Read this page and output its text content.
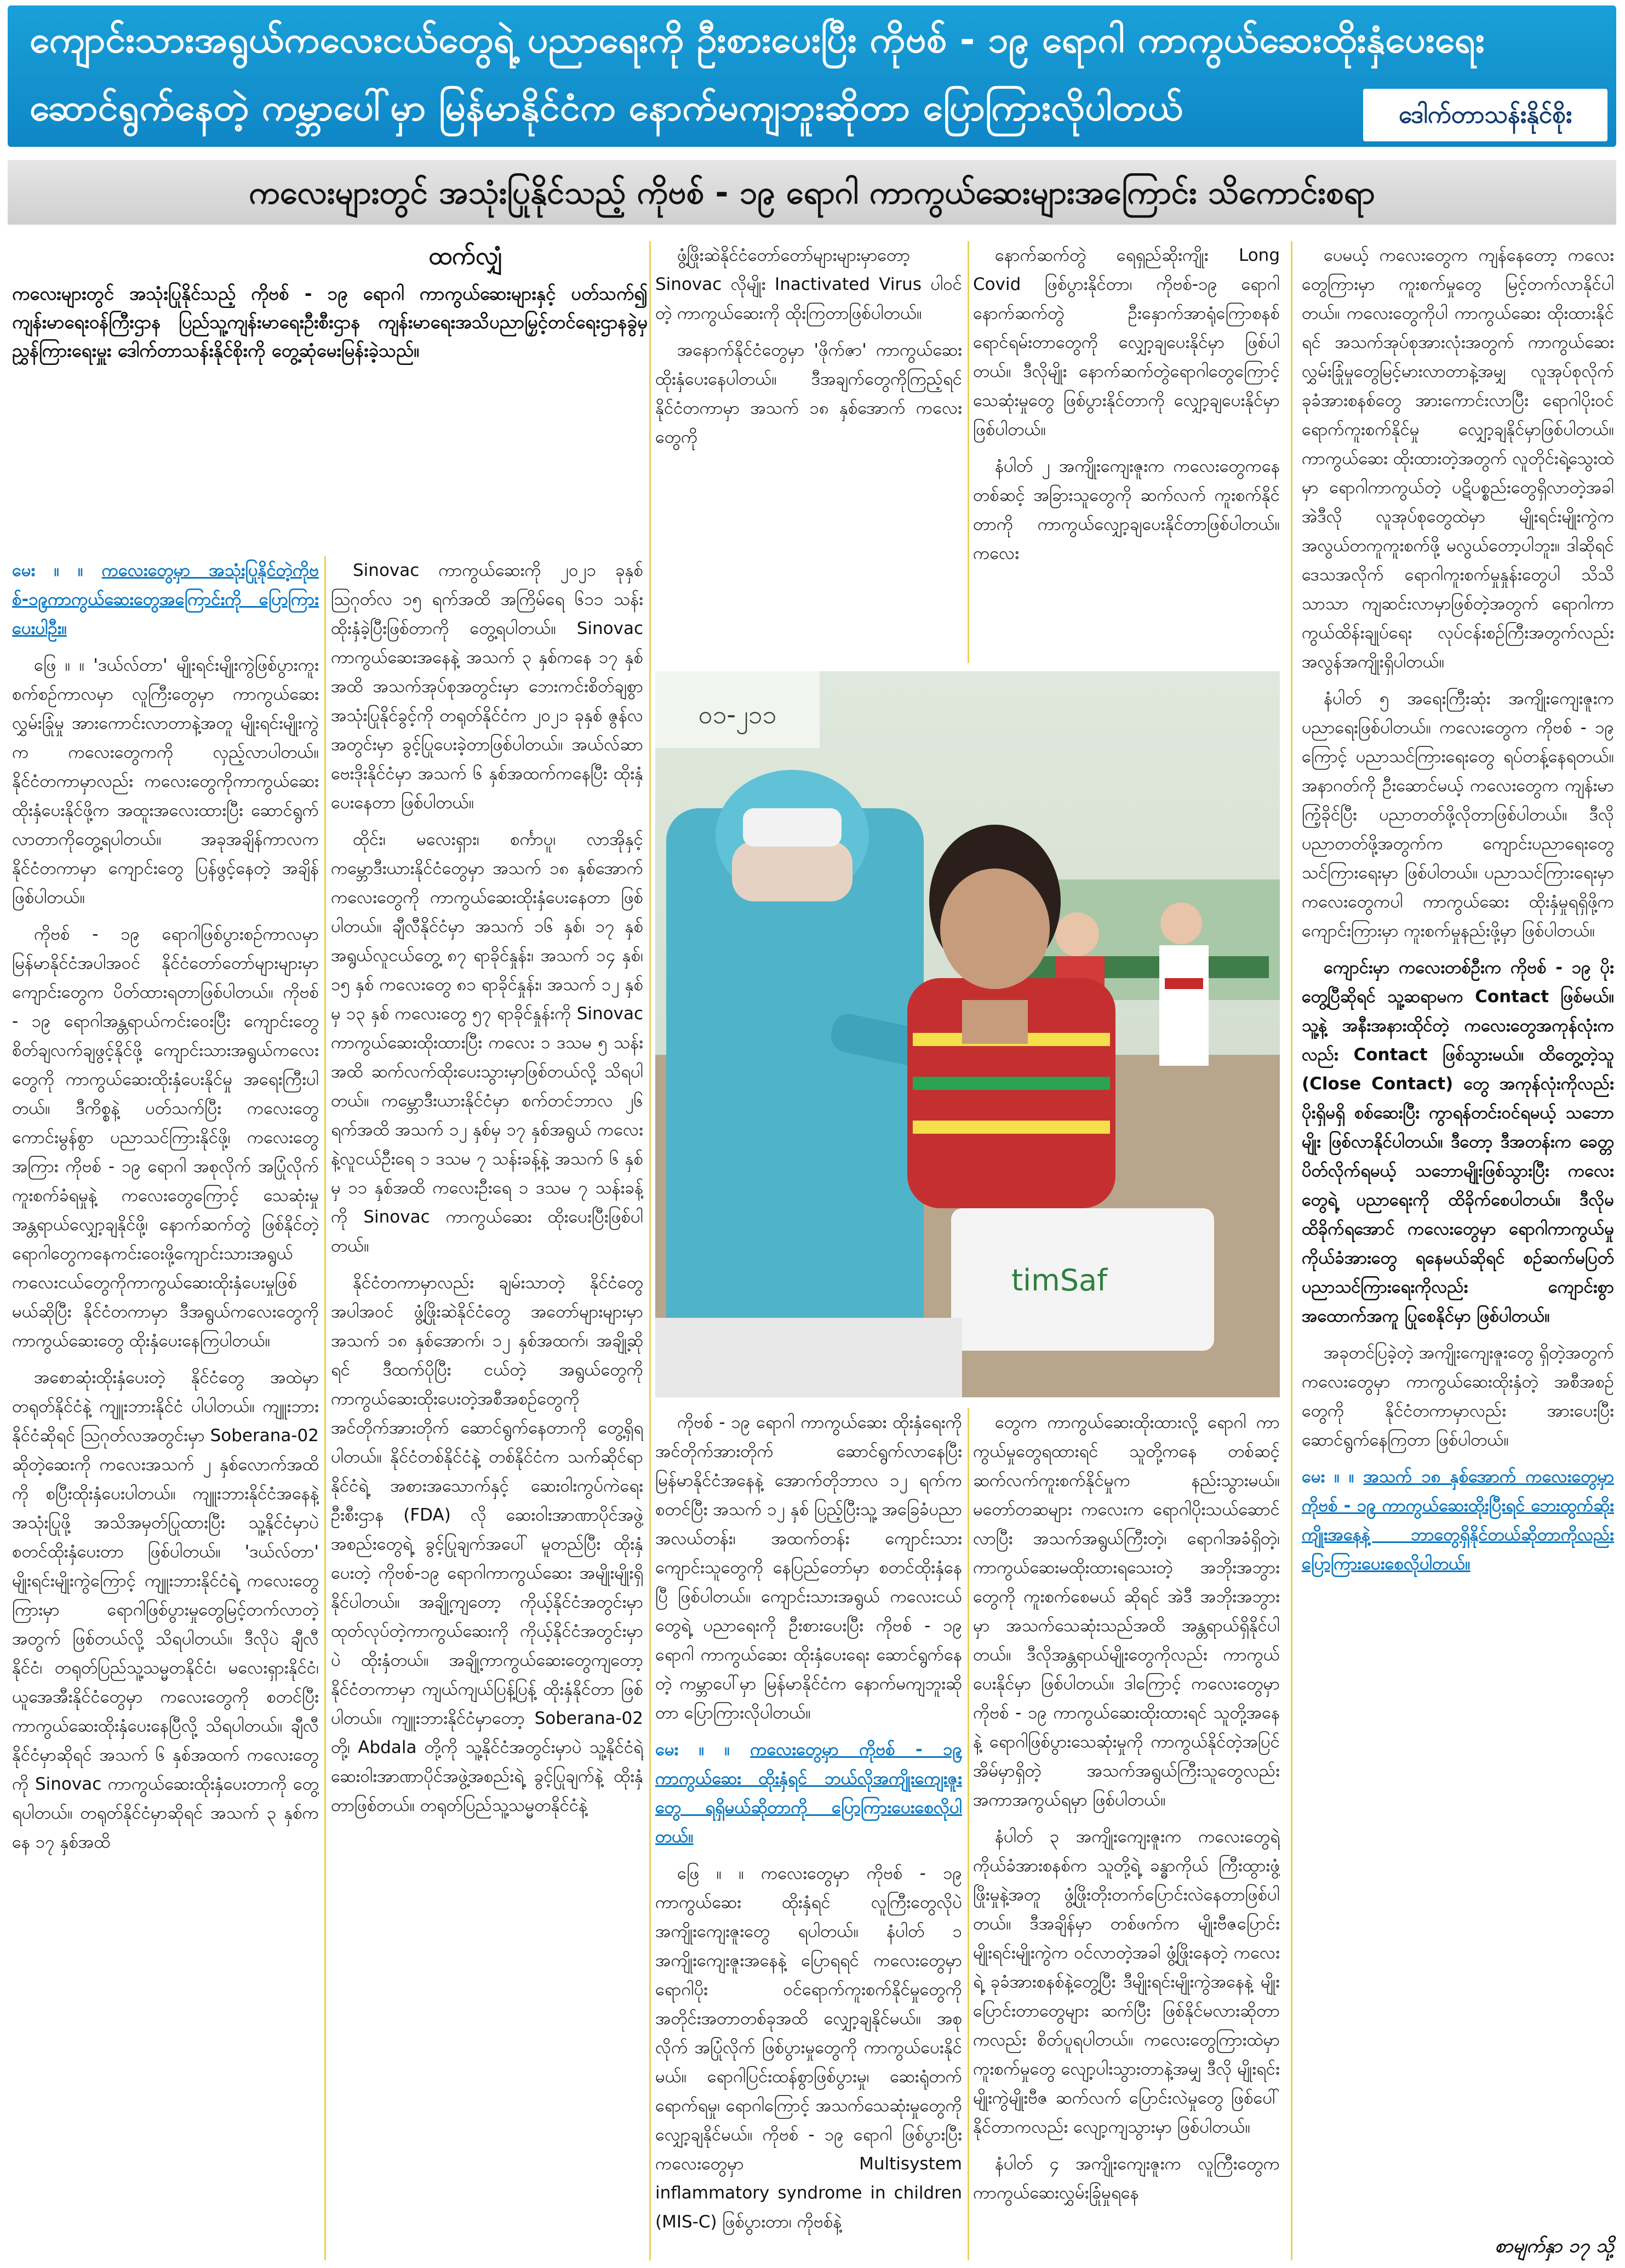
ကျောင်းသားအရွယ်ကလေးငယ်တွေရဲ့ ပညာရေးကို ဦးစားပေးပြီး ကိုဗစ် - ၁၉ ရောဂါ ကာကွယ်ဆေးထိုးနှံပေးရေး
ဆောင်ရွက်နေတဲ့ ကမ္ဘာပေါ်မှာ မြန်မာနိုင်ငံက နောက်မကျဘူးဆိုတာ ပြောကြားလိုပါတယ်	ဒေါက်တာသန်းနိုင်စိုး
ကလေးများတွင် အသုံးပြုနိုင်သည့် ကိုဗစ် - ၁၉ ရောဂါ ကာကွယ်ဆေးများအကြောင်း သိကောင်းစရာ
ထက်လျှံ
ကလေးများတွင် အသုံးပြုနိုင်သည့် ကိုဗစ် - ၁၉ ရောဂါ ကာကွယ်ဆေးများနှင့် ပတ်သက်၍ ကျန်းမာရေးဝန်ကြီးဌာန ပြည်သူ့ကျန်းမာရေးဦးစီးဌာန ကျန်းမာရေးအသိပညာမြှင့်တင်ရေးဌာနခွဲမှ ညွှန်ကြားရေးမှူး ဒေါက်တာသန်းနိုင်စိုးကို တွေ့ဆုံမေးမြန်းခဲ့သည်။

မေး ။ ။ ကလေးတွေမှာ အသုံးပြုနိုင်တဲ့ကိုဗစ်-၁၉ကာကွယ်ဆေးတွေအကြောင်းကို ပြောကြားပေးပါဦး။

ဖြေ ။ ။ 'ဒယ်လ်တာ' မျိုးရင်းမျိုးကွဲဖြစ်ပွားကူးစက်စဉ်ကာလမှာ လူကြီးတွေမှာ ကာကွယ်ဆေး လွှမ်းခြုံမှု အားကောင်းလာတာနဲ့အတူ မျိုးရင်းမျိုးကွဲက ကလေးတွေကကို လှည့်လာပါတယ်။ နိုင်ငံတကာမှာလည်း ကလေးတွေကိုကာကွယ်ဆေးထိုးနှံပေးနိုင်ဖို့က အထူးအလေးထားပြီး ဆောင်ရွက်လာတာကိုတွေ့ရပါတယ်။ အခုအချိန်ကာလက နိုင်ငံတကာမှာ ကျောင်းတွေ ပြန်ဖွင့်နေတဲ့ အချိန်ဖြစ်ပါတယ်။

ကိုဗစ် - ၁၉ ရောဂါဖြစ်ပွားစဉ်ကာလမှာ မြန်မာနိုင်ငံအပါအဝင် နိုင်ငံတော်တော်များများမှာ ကျောင်းတွေက ပိတ်ထားရတာဖြစ်ပါတယ်။ ကိုဗစ် - ၁၉ ရောဂါအန္တရာယ်ကင်းဝေးပြီး ကျောင်းတွေ စိတ်ချလက်ချဖွင့်နိုင်ဖို့ ကျောင်းသားအရွယ်ကလေးတွေကို ကာကွယ်ဆေးထိုးနှံပေးနိုင်မှု အရေးကြီးပါတယ်။ ဒီကိစ္စနဲ့ ပတ်သက်ပြီး ကလေးတွေကောင်းမွန်စွာ ပညာသင်ကြားနိုင်ဖို့၊ ကလေးတွေအကြား ကိုဗစ် - ၁၉ ရောဂါ အစုလိုက် အပြုံလိုက် ကူးစက်ခံရမှုနဲ့ ကလေးတွေကြောင့် သေဆုံးမှုအန္တရာယ်လျှော့ချနိုင်ဖို့၊ နောက်ဆက်တွဲ ဖြစ်နိုင်တဲ့ ရောဂါတွေကနေကင်းဝေးဖို့ကျောင်းသားအရွယ်ကလေးငယ်တွေကိုကာကွယ်ဆေးထိုးနှံပေးမှုဖြစ်မယ်ဆိုပြီး နိုင်ငံတကာမှာ ဒီအရွယ်ကလေးတွေကို ကာကွယ်ဆေးတွေ ထိုးနှံပေးနေကြပါတယ်။

အစောဆုံးထိုးနှံပေးတဲ့ နိုင်ငံတွေ အထဲမှာ တရုတ်နိုင်ငံနဲ့ ကျူးဘားနိုင်ငံ ပါပါတယ်။ ကျူးဘားနိုင်ငံဆိုရင် ဩဂုတ်လအတွင်းမှာ Soberana-02 ဆိုတဲ့ဆေးကို ကလေးအသက် ၂ နှစ်လောက်အထိကို စပြီးထိုးနှံပေးပါတယ်။ ကျူးဘားနိုင်ငံအနေနဲ့ အသုံးပြုဖို့ အသိအမှတ်ပြုထားပြီး သူ့နိုင်ငံမှာပဲ စတင်ထိုးနှံပေးတာ ဖြစ်ပါတယ်။ 'ဒယ်လ်တာ' မျိုးရင်းမျိုးကွဲကြောင့် ကျူးဘားနိုင်ငံရဲ့ ကလေးတွေကြားမှာ ရောဂါဖြစ်ပွားမှုတွေမြင့်တက်လာတဲ့အတွက် ဖြစ်တယ်လို့ သိရပါတယ်။ ဒီလိုပဲ ချီလီနိုင်ငံ၊ တရုတ်ပြည်သူ့သမ္မတနိုင်ငံ၊ မလေးရှားနိုင်ငံ၊ ယူအေအီးနိုင်ငံတွေမှာ ကလေးတွေကို စတင်ပြီး ကာကွယ်ဆေးထိုးနှံပေးနေပြီလို့ သိရပါတယ်။ ချီလီနိုင်ငံမှာဆိုရင် အသက် ၆ နှစ်အထက် ကလေးတွေကို Sinovac ကာကွယ်ဆေးထိုးနှံပေးတာကို တွေ့ရပါတယ်။ တရုတ်နိုင်ငံမှာဆိုရင် အသက် ၃ နှစ်ကနေ ၁၇ နှစ်အထိ

Sinovac ကာကွယ်ဆေးကို ၂၀၂၁ ခုနှစ် ဩဂုတ်လ ၁၅ ရက်အထိ အကြိမ်ရေ ၆၁၁ သန်း ထိုးနှံခဲ့ပြီးဖြစ်တာကို တွေ့ရပါတယ်။ Sinovac ကာကွယ်ဆေးအနေနဲ့ အသက် ၃ နှစ်ကနေ ၁၇ နှစ်အထိ အသက်အုပ်စုအတွင်းမှာ ဘေးကင်းစိတ်ချစွာ အသုံးပြုနိုင်ခွင့်ကို တရုတ်နိုင်ငံက ၂၀၂၁ ခုနှစ် ဇွန်လအတွင်းမှာ ခွင့်ပြုပေးခဲ့တာဖြစ်ပါတယ်။ အယ်လ်ဆာဗေးဒိုးနိုင်ငံမှာ အသက် ၆ နှစ်အထက်ကနေပြီး ထိုးနှံပေးနေတာ ဖြစ်ပါတယ်။

ထိုင်း၊ မလေးရှား၊ စင်္ကာပူ၊ လာအိုနှင့် ကမ္ဘောဒီးယားနိုင်ငံတွေမှာ အသက် ၁၈ နှစ်အောက်ကလေးတွေကို ကာကွယ်ဆေးထိုးနှံပေးနေတာ ဖြစ်ပါတယ်။ ချီလီနိုင်ငံမှာ အသက် ၁၆ နှစ်၊ ၁၇ နှစ် အရွယ်လူငယ်တွေ့ ၈၇ ရာခိုင်နှုန်း၊ အသက် ၁၄ နှစ်၊ ၁၅ နှစ် ကလေးတွေ ၈၁ ရာခိုင်နှုန်း၊ အသက် ၁၂ နှစ်မှ ၁၃ နှစ် ကလေးတွေ ၅၇ ရာခိုင်နှုန်းကို Sinovac ကာကွယ်ဆေးထိုးထားပြီး ကလေး ၁ ဒသမ ၅ သန်းအထိ ဆက်လက်ထိုးပေးသွားမှာဖြစ်တယ်လို့ သိရပါတယ်။ ကမ္ဘောဒီးယားနိုင်ငံမှာ စက်တင်ဘာလ ၂၆ ရက်အထိ အသက် ၁၂ နှစ်မှ ၁၇ နှစ်အရွယ် ကလေးနဲ့လူငယ်ဦးရေ ၁ ဒသမ ၇ သန်းခန့်နဲ့ အသက် ၆ နှစ်မှ ၁၁ နှစ်အထိ ကလေးဦးရေ ၁ ဒသမ ၇ သန်းခန့်ကို Sinovac ကာကွယ်ဆေး ထိုးပေးပြီးဖြစ်ပါတယ်။

နိုင်ငံတကာမှာလည်း ချမ်းသာတဲ့ နိုင်ငံတွေအပါအဝင် ဖွံ့ဖြိုးဆဲနိုင်ငံတွေ အတော်များများမှာ အသက် ၁၈ နှစ်အောက်၊ ၁၂ နှစ်အထက်၊ အချို့ဆိုရင် ဒီထက်ပိုပြီး ငယ်တဲ့ အရွယ်တွေကို ကာကွယ်ဆေးထိုးပေးတဲ့အစီအစဉ်တွေကို အင်တိုက်အားတိုက် ဆောင်ရွက်နေတာကို တွေ့ရှိရပါတယ်။ နိုင်ငံတစ်နိုင်ငံနဲ့ တစ်နိုင်ငံက သက်ဆိုင်ရာနိုင်ငံရဲ့ အစားအသောက်နှင့် ဆေးဝါးကွပ်ကဲရေးဦးစီးဌာန (FDA) လို ဆေးဝါးအာဏာပိုင်အဖွဲ့အစည်းတွေရဲ့ ခွင့်ပြုချက်အပေါ် မူတည်ပြီး ထိုးနှံပေးတဲ့ ကိုဗစ်-၁၉ ရောဂါကာကွယ်ဆေး အမျိုးမျိုးရှိနိုင်ပါတယ်။ အချို့ကျတော့ ကိုယ့်နိုင်ငံအတွင်းမှာ ထုတ်လုပ်တဲ့ကာကွယ်ဆေးကို ကိုယ့်နိုင်ငံအတွင်းမှာပဲ ထိုးနှံတယ်။ အချို့ကာကွယ်ဆေးတွေကျတော့ နိုင်ငံတကာမှာ ကျယ်ကျယ်ပြန့်ပြန့် ထိုးနှံနိုင်တာ ဖြစ်ပါတယ်။ ကျူးဘားနိုင်ငံမှာတော့ Soberana-02 တို့၊ Abdala တို့ကို သူ့နိုင်ငံအတွင်းမှာပဲ သူ့နိုင်ငံရဲ့ ဆေးဝါးအာဏာပိုင်အဖွဲ့အစည်းရဲ့ ခွင့်ပြုချက်နဲ့ ထိုးနှံတာဖြစ်တယ်။ တရုတ်ပြည်သူ့သမ္မတနိုင်ငံနဲ့

ဖွံ့ဖြိုးဆဲနိုင်ငံတော်တော်များများမှာတော့ Sinovac လိုမျိုး Inactivated Virus ပါဝင်တဲ့ ကာကွယ်ဆေးကို ထိုးကြတာဖြစ်ပါတယ်။

အနောက်နိုင်ငံတွေမှာ 'ဖိုက်ဇာ' ကာကွယ်ဆေး ထိုးနှံပေးနေပါတယ်။ ဒီအချက်တွေကိုကြည့်ရင် နိုင်ငံတကာမှာ အသက် ၁၈ နှစ်အောက် ကလေးတွေကို

နောက်ဆက်တွဲ ရေရှည်ဆိုးကျိုး Long Covid ဖြစ်ပွားနိုင်တာ၊ ကိုဗစ်-၁၉ ရောဂါ နောက်ဆက်တွဲ ဦးနှောက်အာရုံကြောစနစ် ရောင်ရမ်းတာတွေကို လျှော့ချပေးနိုင်မှာ ဖြစ်ပါတယ်။ ဒီလိုမျိုး နောက်ဆက်တွဲရောဂါတွေကြောင့် သေဆုံးမှုတွေ ဖြစ်ပွားနိုင်တာကို လျှော့ချပေးနိုင်မှာဖြစ်ပါတယ်။

နံပါတ် ၂ အကျိုးကျေးဇူးက ကလေးတွေကနေတစ်ဆင့် အခြားသူတွေကို ဆက်လက် ကူးစက်နိုင်တာကို ကာကွယ်လျှော့ချပေးနိုင်တာဖြစ်ပါတယ်။ ကလေး

ကိုဗစ် - ၁၉ ရောဂါ ကာကွယ်ဆေး ထိုးနှံရေးကို အင်တိုက်အားတိုက် ဆောင်ရွက်လာနေပြီး မြန်မာနိုင်ငံအနေနဲ့ အောက်တိုဘာလ ၁၂ ရက်ကစတင်ပြီး အသက် ၁၂ နှစ် ပြည့်ပြီးသူ့ အခြေခံပညာ အလယ်တန်း၊ အထက်တန်း ကျောင်းသားကျောင်းသူတွေကို နေပြည်တော်မှာ စတင်ထိုးနှံနေပြီ ဖြစ်ပါတယ်။ ကျောင်းသားအရွယ် ကလေးငယ်တွေရဲ့ ပညာရေးကို ဦးစားပေးပြီး ကိုဗစ် - ၁၉ ရောဂါ ကာကွယ်ဆေး ထိုးနှံပေးရေး ဆောင်ရွက်နေတဲ့ ကမ္ဘာပေါ်မှာ မြန်မာနိုင်ငံက နောက်မကျဘူးဆိုတာ ပြောကြားလိုပါတယ်။

မေး ။ ။ ကလေးတွေမှာ ကိုဗစ် - ၁၉ ကာကွယ်ဆေး ထိုးနှံရင် ဘယ်လိုအကျိုးကျေးဇူးတွေ ရရှိမယ်ဆိုတာကို ပြောကြားပေးစေလိုပါတယ်။

ဖြေ ။ ။ ကလေးတွေမှာ ကိုဗစ် - ၁၉ ကာကွယ်ဆေး ထိုးနှံရင် လူကြီးတွေလိုပဲ အကျိုးကျေးဇူးတွေ ရပါတယ်။ နံပါတ် ၁ အကျိုးကျေးဇူးအနေနဲ့ ပြောရရင် ကလေးတွေမှာ ရောဂါပိုး ဝင်ရောက်ကူးစက်နိုင်မှုတွေကို အတိုင်းအတာတစ်ခုအထိ လျှော့ချနိုင်မယ်။ အစုလိုက် အပြုံလိုက် ဖြစ်ပွားမှုတွေကို ကာကွယ်ပေးနိုင်မယ်။ ရောဂါပြင်းထန်စွာဖြစ်ပွားမှု၊ ဆေးရုံတက်ရောက်ရမှု၊ ရောဂါကြောင့် အသက်သေဆုံးမှုတွေကို လျှော့ချနိုင်မယ်။ ကိုဗစ် - ၁၉ ရောဂါ ဖြစ်ပွားပြီး ကလေးတွေမှာ Multisystem inflammatory syndrome in children (MIS-C) ဖြစ်ပွားတာ၊ ကိုဗစ်နဲ့

တွေက ကာကွယ်ဆေးထိုးထားလို့ ရောဂါ ကာကွယ်မှုတွေရထားရင် သူတို့ကနေ တစ်ဆင့် ဆက်လက်ကူးစက်နိုင်မှုက နည်းသွားမယ်။ မတော်တဆများ ကလေးက ရောဂါပိုးသယ်ဆောင်လာပြီး အသက်အရွယ်ကြီးတဲ့၊ ရောဂါအခံရှိတဲ့၊ ကာကွယ်ဆေးမထိုးထားရသေးတဲ့ အဘိုးအဘွားတွေကို ကူးစက်စေမယ် ဆိုရင် အဲဒီ အဘိုးအဘွားမှာ အသက်သေဆုံးသည်အထိ အန္တရာယ်ရှိနိုင်ပါတယ်။ ဒီလိုအန္တရာယ်မျိုးတွေကိုလည်း ကာကွယ်ပေးနိုင်မှာ ဖြစ်ပါတယ်။ ဒါကြောင့် ကလေးတွေမှာ ကိုဗစ် - ၁၉ ကာကွယ်ဆေးထိုးထားရင် သူတို့အနေနဲ့ ရောဂါဖြစ်ပွားသေဆုံးမှုကို ကာကွယ်နိုင်တဲ့အပြင် အိမ်မှာရှိတဲ့ အသက်အရွယ်ကြီးသူတွေလည်း အကာအကွယ်ရမှာ ဖြစ်ပါတယ်။

နံပါတ် ၃ အကျိုးကျေးဇူးက ကလေးတွေရဲ့ ကိုယ်ခံအားစနစ်က သူတို့ရဲ့ ခန္ဓာကိုယ် ကြီးထွားဖွံ့ဖြိုးမှုနဲ့အတူ ဖွံ့ဖြိုးတိုးတက်ပြောင်းလဲနေတာဖြစ်ပါတယ်။ ဒီအချိန်မှာ တစ်ဖက်က မျိုးဗီဇပြောင်းမျိုးရင်းမျိုးကွဲက ဝင်လာတဲ့အခါ ဖွံ့ဖြိုးနေတဲ့ ကလေးရဲ့ ခုခံအားစနစ်နဲ့တွေ့ပြီး ဒီမျိုးရင်းမျိုးကွဲအနေနဲ့ မျိုးပြောင်းတာတွေများ ဆက်ပြီး ဖြစ်နိုင်မလားဆိုတာကလည်း စိတ်ပူရပါတယ်။ ကလေးတွေကြားထဲမှာ ကူးစက်မှုတွေ လျော့ပါးသွားတာနဲ့အမျှ ဒီလို မျိုးရင်းမျိုးကွဲမျိုးဗီဇ ဆက်လက် ပြောင်းလဲမှုတွေ ဖြစ်ပေါ်နိုင်တာကလည်း လျော့ကျသွားမှာ ဖြစ်ပါတယ်။

နံပါတ် ၄ အကျိုးကျေးဇူးက လူကြီးတွေက ကာကွယ်ဆေးလွှမ်းခြုံမှုရနေ

ပေမယ့် ကလေးတွေက ကျန်နေတော့ ကလေးတွေကြားမှာ ကူးစက်မှုတွေ မြင့်တက်လာနိုင်ပါတယ်။ ကလေးတွေကိုပါ ကာကွယ်ဆေး ထိုးထားနိုင်ရင် အသက်အုပ်စုအားလုံးအတွက် ကာကွယ်ဆေးလွှမ်းခြုံမှုတွေမြင့်မားလာတာနဲ့အမျှ လူအုပ်စုလိုက် ခုခံအားစနစ်တွေ အားကောင်းလာပြီး ရောဂါပိုးဝင်ရောက်ကူးစက်နိုင်မှု လျှော့ချနိုင်မှာဖြစ်ပါတယ်။ ကာကွယ်ဆေး ထိုးထားတဲ့အတွက် လူတိုင်းရဲ့သွေးထဲမှာ ရောဂါကာကွယ်တဲ့ ပဋိပစ္စည်းတွေရှိလာတဲ့အခါ အဲဒီလို လူအုပ်စုတွေထဲမှာ မျိုးရင်းမျိုးကွဲက အလွယ်တကူကူးစက်ဖို့ မလွယ်တော့ပါဘူး။ ဒါဆိုရင် ဒေသအလိုက် ရောဂါကူးစက်မှုနှုန်းတွေပါ သိသိသာသာ ကျဆင်းလာမှာဖြစ်တဲ့အတွက် ရောဂါကာကွယ်ထိန်းချုပ်ရေး လုပ်ငန်းစဉ်ကြီးအတွက်လည်း အလွန်အကျိုးရှိပါတယ်။

နံပါတ် ၅ အရေးကြီးဆုံး အကျိုးကျေးဇူးက ပညာရေးဖြစ်ပါတယ်။ ကလေးတွေက ကိုဗစ် - ၁၉ ကြောင့် ပညာသင်ကြားရေးတွေ ရပ်တန့်နေရတယ်။ အနာဂတ်ကို ဦးဆောင်မယ့် ကလေးတွေက ကျန်းမာကြံ့ခိုင်ပြီး ပညာတတ်ဖို့လိုတာဖြစ်ပါတယ်။ ဒီလိုပညာတတ်ဖို့အတွက်က ကျောင်းပညာရေးတွေ သင်ကြားရေးမှာ ဖြစ်ပါတယ်။ ပညာသင်ကြားရေးမှာ ကလေးတွေကပါ ကာကွယ်ဆေး ထိုးနှံမှုရရှိဖို့က ကျောင်းကြားမှာ ကူးစက်မှုနည်းဖို့မှာ ဖြစ်ပါတယ်။

ကျောင်းမှာ ကလေးတစ်ဦးက ကိုဗစ် - ၁၉ ပိုးတွေ့ပြီဆိုရင် သူ့ဆရာမက Contact ဖြစ်မယ်။ သူ့နဲ့ အနီးအနားထိုင်တဲ့ ကလေးတွေအကုန်လုံးကလည်း Contact ဖြစ်သွားမယ်။ ထိတွေ့တဲ့သူ (Close Contact) တွေ အကုန်လုံးကိုလည်း ပိုးရှိမရှိ စစ်ဆေးပြီး ကွာရန်တင်းဝင်ရမယ့် သဘောမျိုး ဖြစ်လာနိုင်ပါတယ်။ ဒီတော့ ဒီအတန်းက ခေတ္တပိတ်လိုက်ရမယ့် သဘောမျိုးဖြစ်သွားပြီး ကလေးတွေရဲ့ ပညာရေးကို ထိခိုက်စေပါတယ်။ ဒီလိုမထိခိုက်ရအောင် ကလေးတွေမှာ ရောဂါကာကွယ်မှု ကိုယ်ခံအားတွေ ရနေမယ်ဆိုရင် စဉ်ဆက်မပြတ် ပညာသင်ကြားရေးကိုလည်း ကျောင်းစွာအထောက်အကူ ပြုစေနိုင်မှာ ဖြစ်ပါတယ်။

အခုတင်ပြခဲ့တဲ့ အကျိုးကျေးဇူးတွေ ရှိတဲ့အတွက် ကလေးတွေမှာ ကာကွယ်ဆေးထိုးနှံတဲ့ အစီအစဉ်တွေကို နိုင်ငံတကာမှာလည်း အားပေးပြီး ဆောင်ရွက်နေကြတာ ဖြစ်ပါတယ်။

မေး ။ ။ အသက် ၁၈ နှစ်အောက် ကလေးတွေမှာ ကိုဗစ် - ၁၉ ကာကွယ်ဆေးထိုးပြီးရင် ဘေးထွက်ဆိုးကျိုးအနေနဲ့ ဘာတွေရှိနိုင်တယ်ဆိုတာကိုလည်း ပြောကြားပေးစေလိုပါတယ်။

၀၁-၂၁၁
timSaf
စာမျက်နှာ ၁၇ သို့
